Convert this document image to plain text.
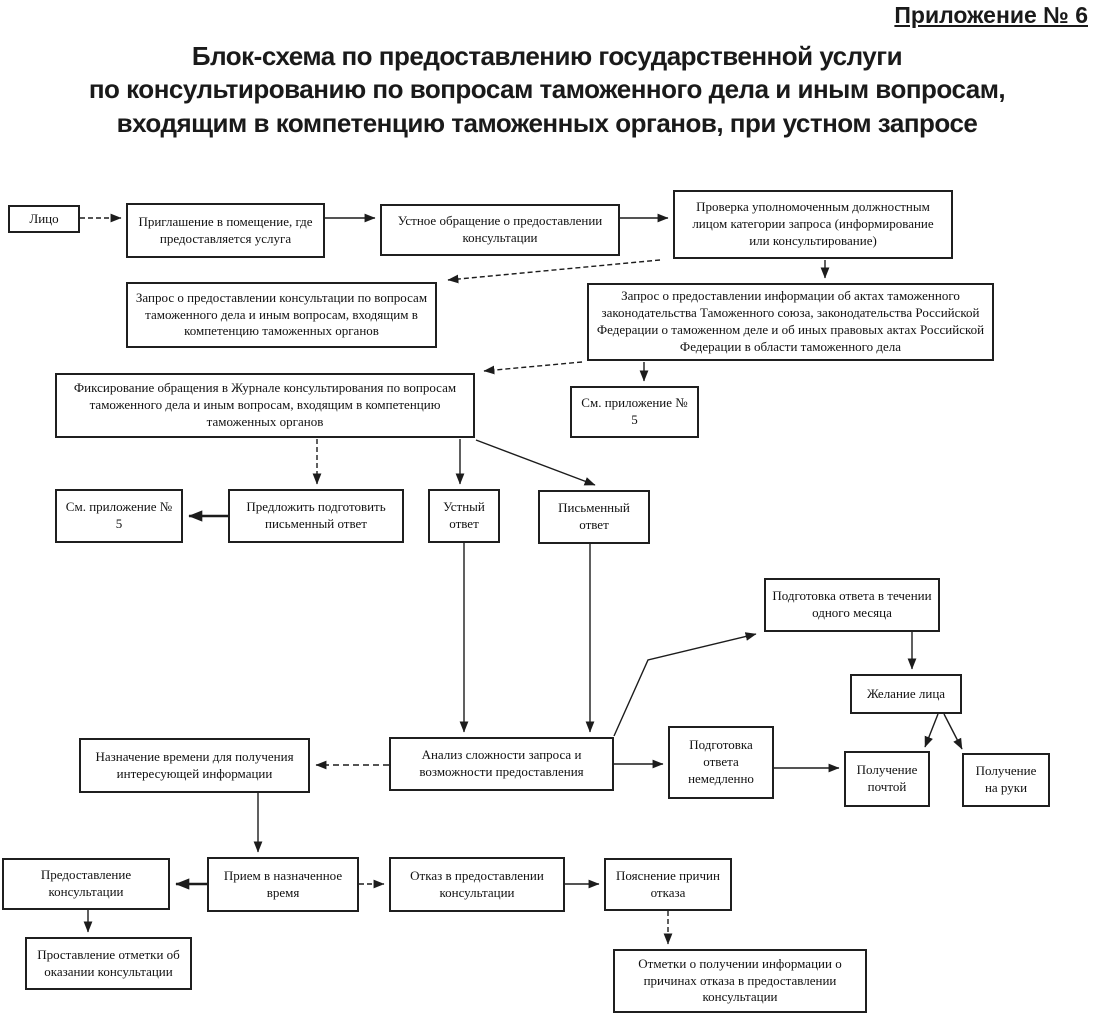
Приложение № 6
Блок-схема по предоставлению государственной услуги
по консультированию по вопросам таможенного дела и иным вопросам,
входящим в компетенцию таможенных органов, при устном запросе
Лицо	Приглашение в помещение, где предоставляется услуга
Устное обращение о предоставлении консультации
Проверка уполномоченным должностным лицом категории запроса (информирование или консультирование)
Запрос о предоставлении консультации по вопросам таможенного дела и иным вопросам, входящим в компетенцию таможенных органов
Запрос о предоставлении информации об актах таможенного законодательства Таможенного союза, законодательства Российской Федерации о таможенном деле и об иных правовых актах Российской Федерации в области таможенного дела
Фиксирование обращения в Журнале консультирования по вопросам таможенного дела и иным вопросам, входящим в компетенцию таможенных органов
См. приложение № 5
См. приложение № 5
Предложить подготовить письменный ответ
Устный ответ
Письменный ответ
Подготовка ответа в течении одного месяца
Желание лица
Назначение времени для получения интересующей информации
Анализ сложности запроса и возможности предоставления
Подготовка ответа немедленно
Получение почтой
Получение на руки
Предоставление консультации
Прием в назначенное время
Отказ в предоставлении консультации
Пояснение причин отказа
Проставление отметки об оказании консультации
Отметки о получении информации о причинах отказа в предоставлении консультации
